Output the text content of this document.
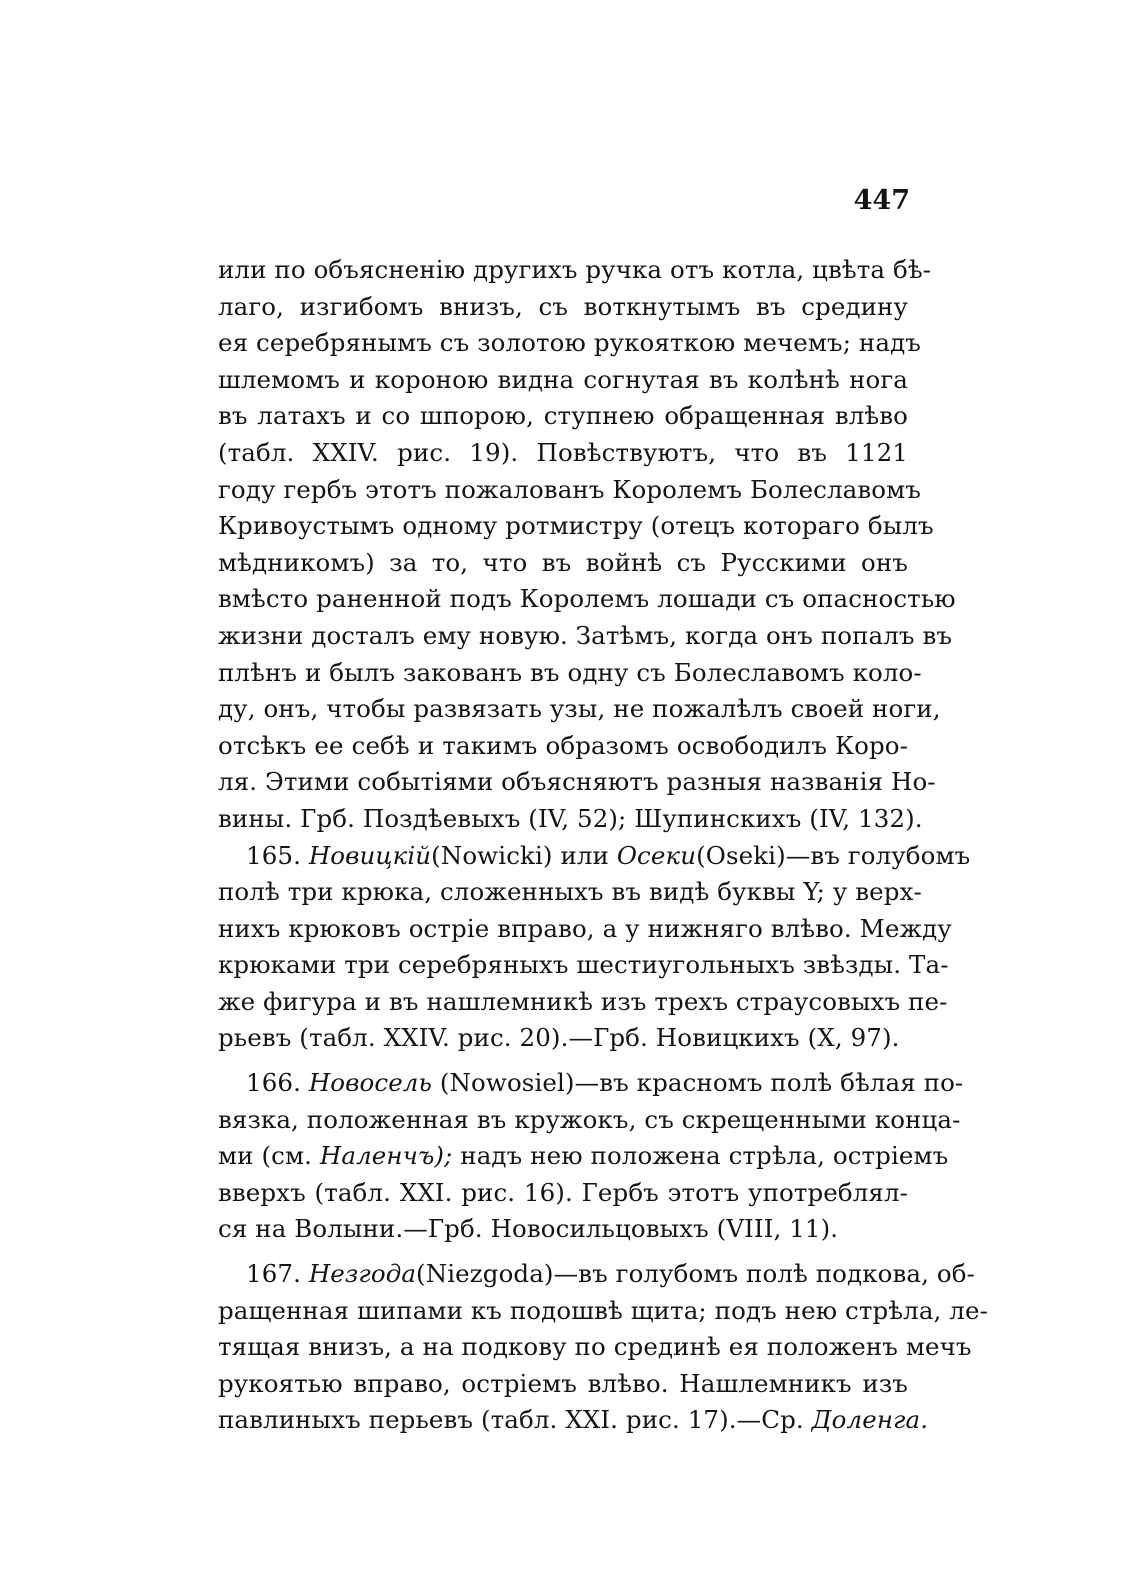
447
или по объясненію другихъ ручка отъ котла, цвѣта бѣ-
лаго, изгибомъ внизъ, съ воткнутымъ въ средину
ея серебрянымъ съ золотою рукояткою мечемъ; надъ
шлемомъ и короною видна согнутая въ колѣнѣ нога
въ латахъ и со шпорою, ступнею обращенная влѣво
(табл. XXIV. рис. 19). Повѣствуютъ, что въ 1121
году гербъ этотъ пожалованъ Королемъ Болеславомъ
Кривоустымъ одному ротмистру (отецъ котораго былъ
мѣдникомъ) за то, что въ войнѣ съ Русскими онъ
вмѣсто раненной подъ Королемъ лошади съ опасностью
жизни досталъ ему новую. Затѣмъ, когда онъ попалъ въ
плѣнъ и былъ закованъ въ одну съ Болеславомъ коло-
ду, онъ, чтобы развязать узы, не пожалѣлъ своей ноги,
отсѣкъ ее себѣ и такимъ образомъ освободилъ Коро-
ля. Этими событіями объясняютъ разныя названія Но-
вины. Грб. Поздѣевыхъ (IV, 52); Шупинскихъ (IV, 132).
165. Новицкій(Nowicki) или Осеки(Oseki)—въ голубомъ
полѣ три крюка, сложенныхъ въ видѣ буквы Y; у верх-
нихъ крюковъ остріе вправо, а у нижняго влѣво. Между
крюками три серебряныхъ шестиугольныхъ звѣзды. Та-
же фигура и въ нашлемникѣ изъ трехъ страусовыхъ пе-
рьевъ (табл. XXIV. рис. 20).—Грб. Новицкихъ (X, 97).
166. Новосель (Nowosiel)—въ красномъ полѣ бѣлая по-
вязка, положенная въ кружокъ, съ скрещенными конца-
ми (см. Наленчъ); надъ нею положена стрѣла, остріемъ
вверхъ (табл. XXI. рис. 16). Гербъ этотъ употреблял-
ся на Волыни.—Грб. Новосильцовыхъ (VIII, 11).
167. Незгода(Niezgoda)—въ голубомъ полѣ подкова, об-
ращенная шипами къ подошвѣ щита; подъ нею стрѣла, ле-
тящая внизъ, а на подкову по срединѣ ея положенъ мечъ
рукоятью вправо, остріемъ влѣво. Нашлемникъ изъ
павлиныхъ перьевъ (табл. XXI. рис. 17).—Ср. Доленга.
